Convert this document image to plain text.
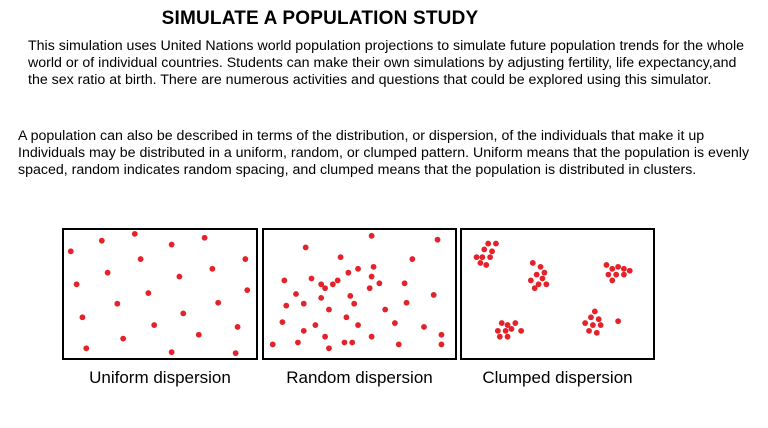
SIMULATE A POPULATION STUDY
This simulation uses United Nations world population projections to simulate future population trends for the whole world or of individual countries. Students can make their own simulations by adjusting fertility, life expectancy,and the sex ratio at birth. There are numerous activities and questions that could be explored using this simulator.
A population can also be described in terms of the distribution, or dispersion, of the individuals that make it up Individuals may be distributed in a uniform, random, or clumped pattern. Uniform means that the population is evenly spaced, random indicates random spacing, and clumped means that the population is distributed in clusters.
Uniform dispersion	Random dispersion	Clumped dispersion
